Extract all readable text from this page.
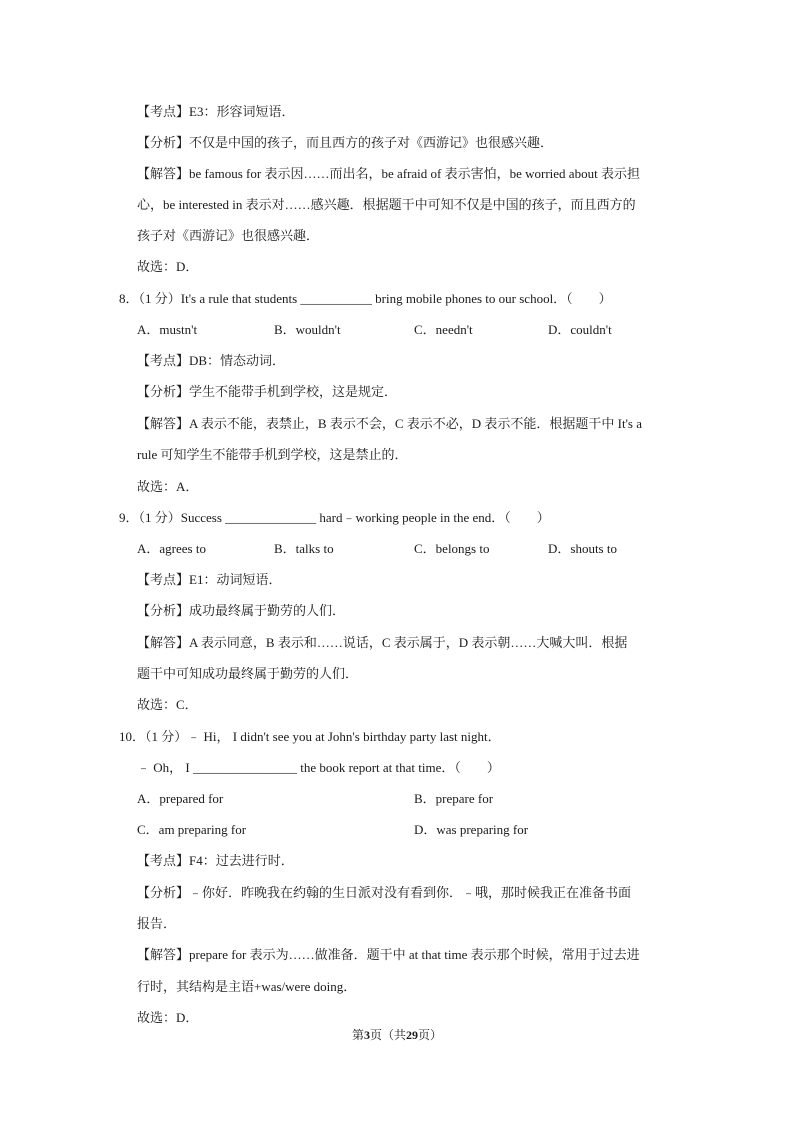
【考点】E3：形容词短语．
【分析】不仅是中国的孩子，而且西方的孩子对《西游记》也很感兴趣．
【解答】be famous for 表示因……而出名，be afraid of 表示害怕，be worried about 表示担
心，be interested in 表示对……感兴趣．根据题干中可知不仅是中国的孩子，而且西方的
孩子对《西游记》也很感兴趣．
故选：D．
8．（1 分）It's a rule that students ___________ bring mobile phones to our school．（　　）
A．mustn't	B．wouldn't	C．needn't	D．couldn't
【考点】DB：情态动词．
【分析】学生不能带手机到学校，这是规定．
【解答】A 表示不能，表禁止，B 表示不会，C 表示不必，D 表示不能．根据题干中 It's a
rule 可知学生不能带手机到学校，这是禁止的．
故选：A．
9．（1 分）Success ______________ hard﹣working people in the end．（　　）
A．agrees to	B．talks to	C．belongs to	D．shouts to
【考点】E1：动词短语．
【分析】成功最终属于勤劳的人们．
【解答】A 表示同意，B 表示和……说话，C 表示属于，D 表示朝……大喊大叫．根据
题干中可知成功最终属于勤劳的人们．
故选：C．
10．（1 分）﹣ Hi， I didn't see you at John's birthday party last night．
﹣ Oh， I ________________ the book report at that time．（　　）
A．prepared for	B．prepare for
C．am preparing for	D．was preparing for
【考点】F4：过去进行时．
【分析】﹣你好．昨晚我在约翰的生日派对没有看到你．﹣哦，那时候我正在准备书面
报告．
【解答】prepare for 表示为……做准备．题干中 at that time 表示那个时候，常用于过去进
行时，其结构是主语+was/were doing．
故选：D．
第3页（共29页）
